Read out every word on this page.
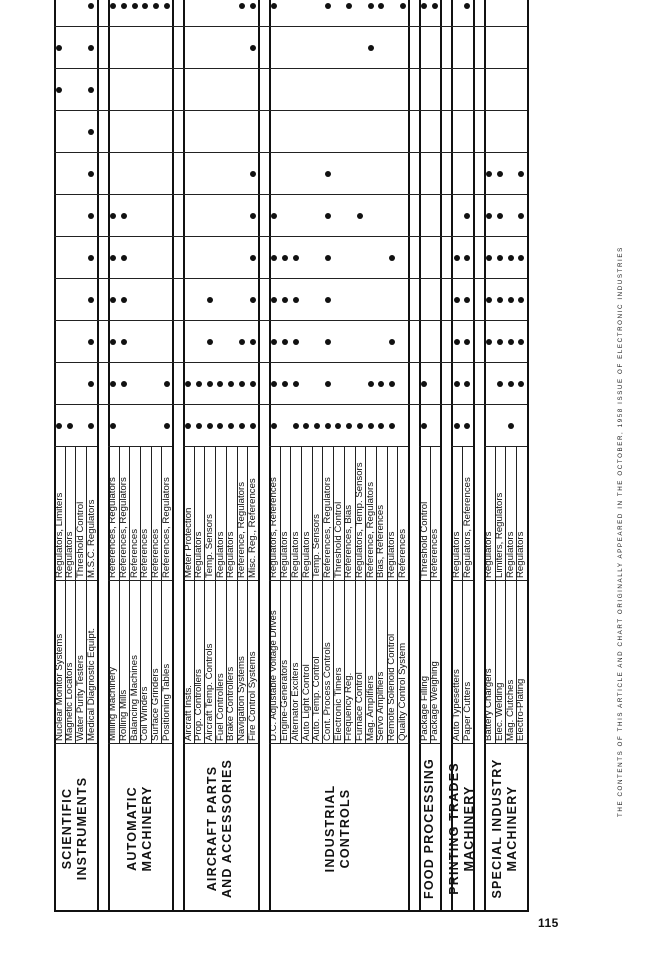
Nuclear Monitor Systems
Regulators, Limiters
Magnetic Locators
Regulators
Water Purity Testers
Threshold Control
Medical Diagnostic Equipt.
M.S.C. Regulators
SCIENTIFIC
INSTRUMENTS
Milling Machinery
References, Regulators
Rolling Mills
References, Regulators
Balancing Machines
References
Coil Winders
References
Surface Grinders
References
Positioning Tables
References, Regulators
AUTOMATIC
MACHINERY
Aircraft Insts.
Meter Protection
Prop. Controllers
Regulators
Aircraft Temp. Controls
Temp. Sensors
Fuel Controllers
Regulators
Brake Controllers
Regulators
Navigation Systems
Reference, Regulators
Fire Control Systems
Misc. Reg., References
AIRCRAFT PARTS
AND ACCESSORIES
D.C. Adjustable Voltage Drives
Regulators, References
Engine-Generators
Regulators
Alternator Exciters
Regulators
Auto Light Control
Regulators
Auto. Temp. Control
Temp. Sensors
Cont. Process Controls
References, Regulators
Electronic Timers
Threshold Control
Frequency Reg.
References, Bias
Furnace Control
Regulators, Temp. Sensors
Mag. Amplifiers
Reference, Regulators
Servo Amplifiers
Bias, References
Remote Solenoid Control
Regulators
Quality Control System
References
INDUSTRIAL
CONTROLS
Package Filling
Threshold Control
Package Weighing
References
FOOD PROCESSING
Auto Typesetters
Regulators
Paper Cutters
Regulators, References
PRINTING TRADES
MACHINERY
Battery Chargers
Regulators
Elec. Welding
Limiters, Regulators
Mag. Clutches
Regulators
Electro-Plating
Regulators
SPECIAL INDUSTRY
MACHINERY
THE CONTENTS OF THIS ARTICLE AND CHART ORIGINALLY APPEARED IN THE OCTOBER, 1958 ISSUE OF ELECTRONIC INDUSTRIES
115
